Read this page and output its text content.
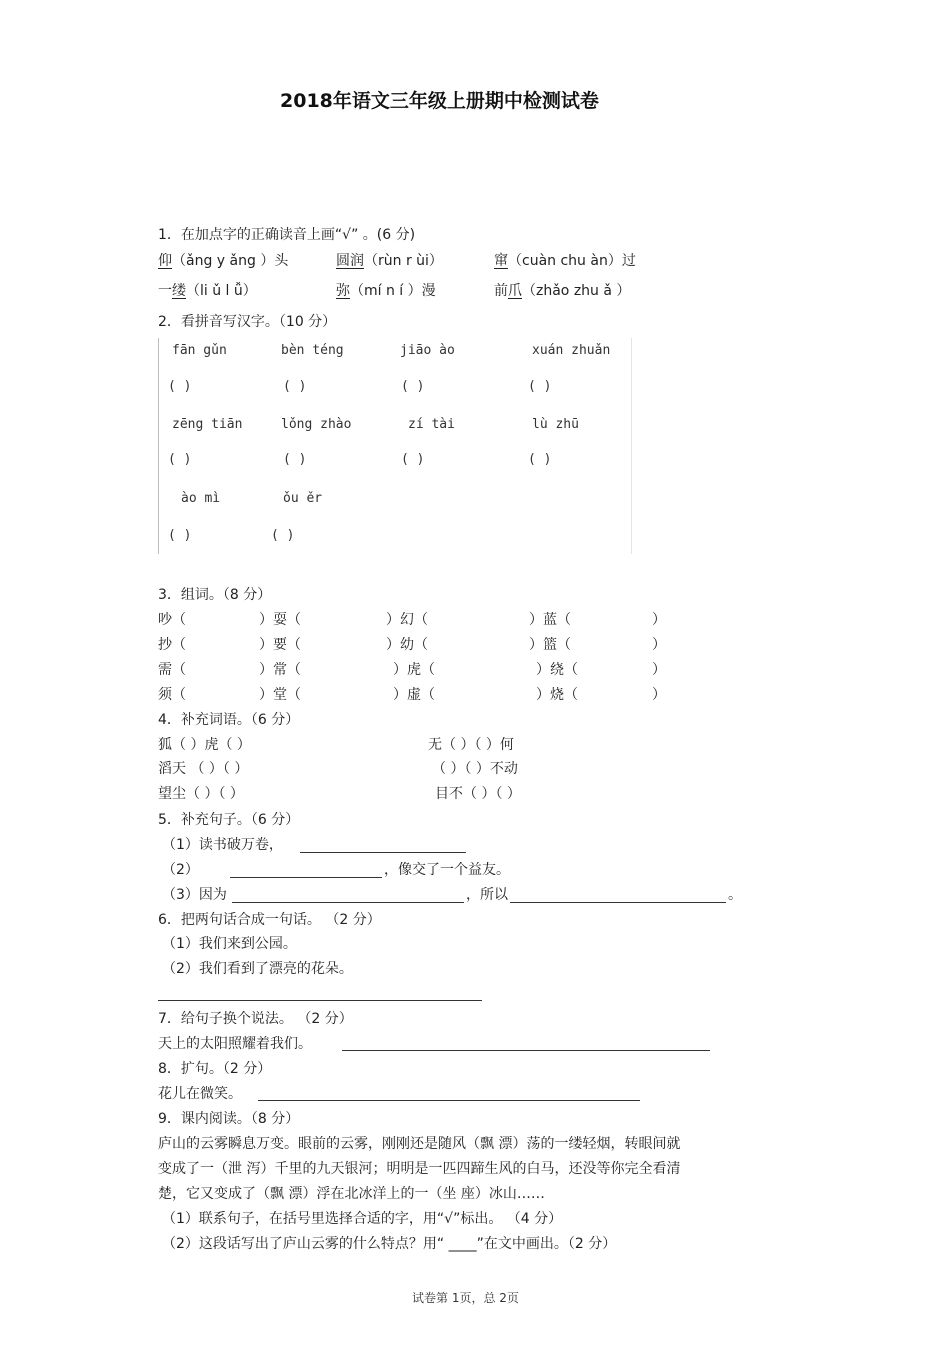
2018年语文三年级上册期中检测试卷
1．在加点字的正确读音上画“√” 。(6 分)
仰（ǎng y ǎng ）头	圆润（rùn r ùi）	窜（cuàn chu àn）过
一缕（li ǔ l ǚ）	弥（mí n í ）漫	前爪（zhǎo zhu ǎ ）
2．看拼音写汉字。（10 分）
fān gǔn	bèn téng	jiāo ào	xuán zhuǎn
( )	( )	( )	( )
zēng tiān	lǒng zhào	zí tài	lù zhū
( )	( )	( )	( )
ào mì	ǒu ěr
( )	( )
3．组词。（8 分）
吵（	）耍（	）幻（	）蓝（	）
抄（	）要（	）幼（	）篮（	）
需（	）常（	）虎（	）绕（	）
须（	）堂（	）虚（	）烧（	）
4．补充词语。（6 分）
狐（ ）虎（ ）	无（ ）（ ）何
滔天 （ ）（ ）	（ ）（ ）不动
望尘（ ）（ ）	目不（ ）（ ）
5．补充句子。（6 分）
（1）读书破万卷，
（2）	，像交了一个益友。
（3）因为	，所以	。
6．把两句话合成一句话。 （2 分）
（1）我们来到公园。
（2）我们看到了漂亮的花朵。
7．给句子换个说法。 （2 分）
天上的太阳照耀着我们。
8．扩句。（2 分）
花儿在微笑。
9．课内阅读。（8 分）
庐山的云雾瞬息万变。眼前的云雾，刚刚还是随风（飘 漂）荡的一缕轻烟，转眼间就
变成了一（泄 泻）千里的九天银河；明明是一匹四蹄生风的白马，还没等你完全看清
楚，它又变成了（飘 漂）浮在北冰洋上的一（坐 座）冰山……
（1）联系句子，在括号里选择合适的字，用“√”标出。 （4 分）
（2）这段话写出了庐山云雾的什么特点？用“ ____”在文中画出。（2 分）
试卷第 1页，总 2页
